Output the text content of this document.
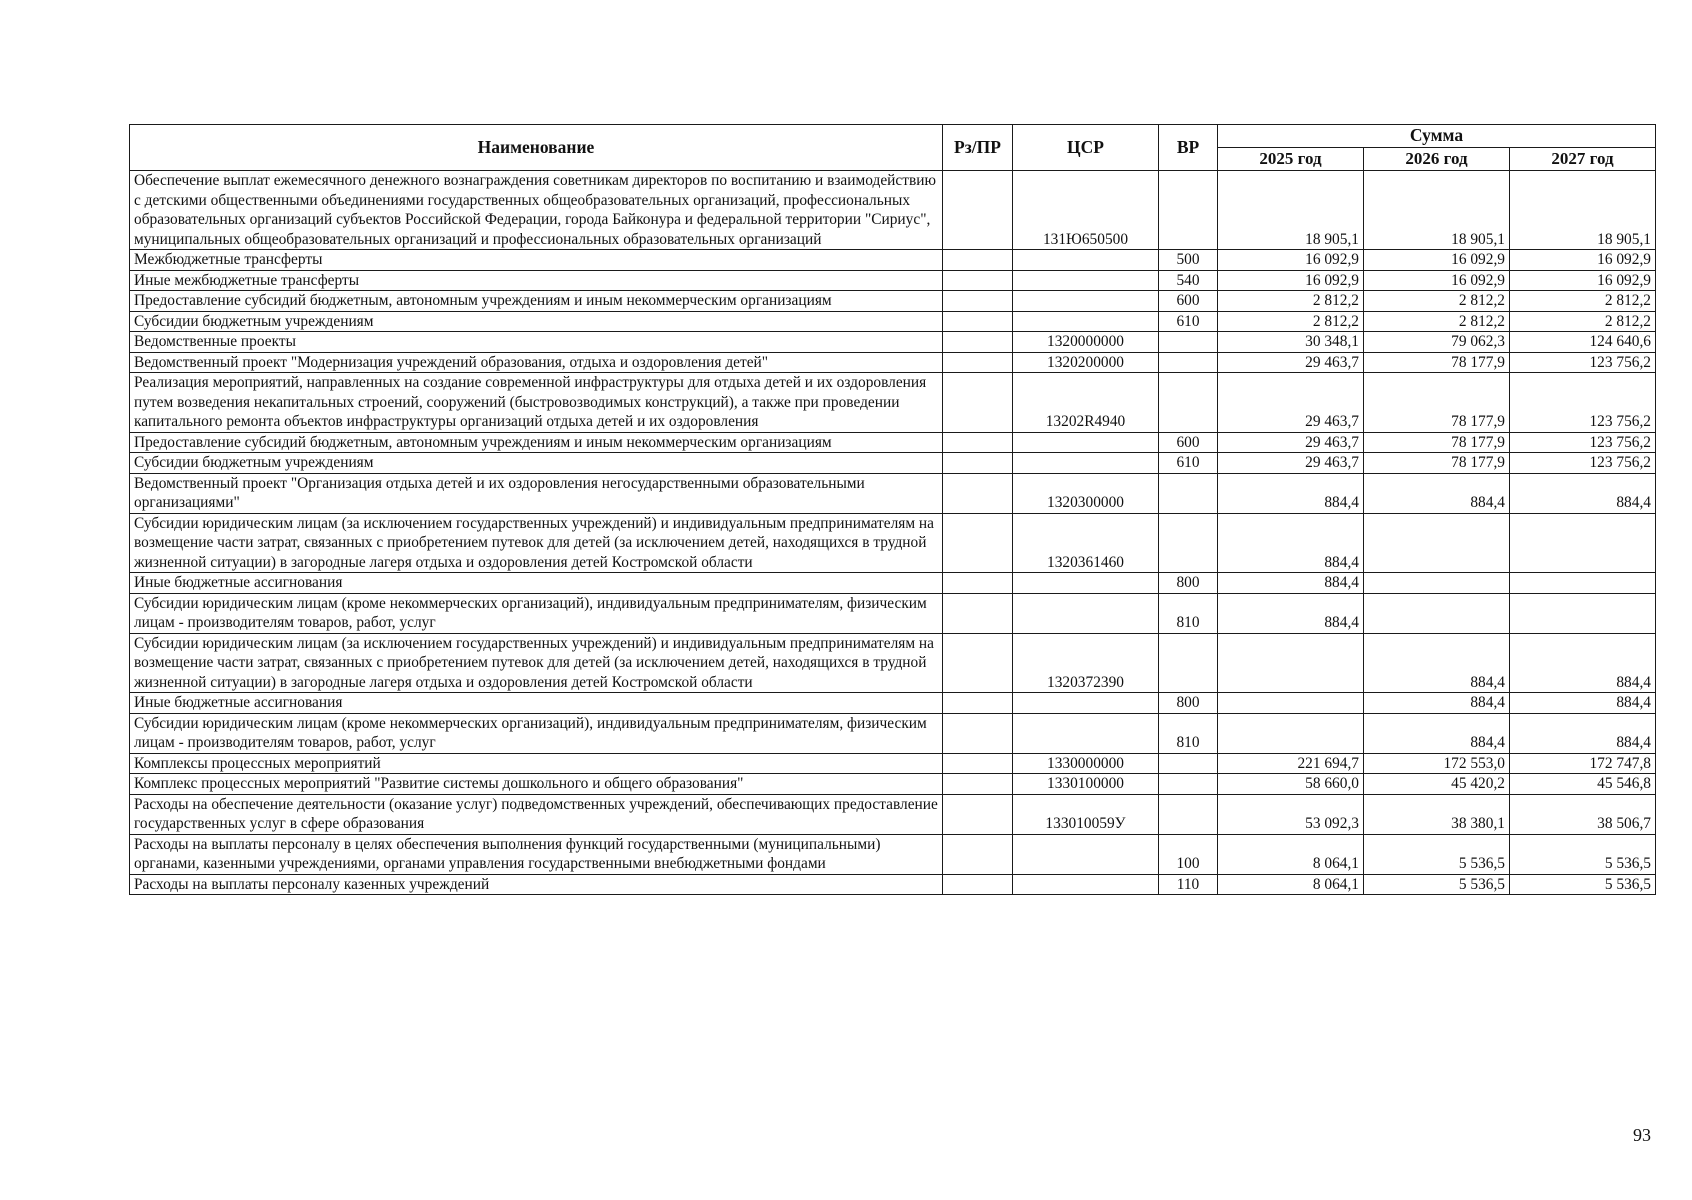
Наименование	Рз/ПР	ЦСР	ВР	Сумма		
				2025 год	2026 год	2027 год
Обеспечение выплат ежемесячного денежного вознаграждения советникам директоров по воспитанию и взаимодействию с детскими общественными объединениями государственных общеобразовательных организаций, профессиональных образовательных организаций субъектов Российской Федерации, города Байконура и федеральной территории "Сириус", муниципальных общеобразовательных организаций и профессиональных образовательных организаций		131Ю650500		18 905,1	18 905,1	18 905,1
Межбюджетные трансферты			500	16 092,9	16 092,9	16 092,9
Иные межбюджетные трансферты			540	16 092,9	16 092,9	16 092,9
Предоставление субсидий бюджетным, автономным учреждениям и иным некоммерческим организациям			600	2 812,2	2 812,2	2 812,2
Субсидии бюджетным учреждениям			610	2 812,2	2 812,2	2 812,2
Ведомственные проекты		1320000000		30 348,1	79 062,3	124 640,6
Ведомственный проект "Модернизация учреждений образования, отдыха и оздоровления детей"		1320200000		29 463,7	78 177,9	123 756,2
Реализация мероприятий, направленных на создание современной инфраструктуры для отдыха детей и их оздоровления путем возведения некапитальных строений, сооружений (быстровозводимых конструкций), а также при проведении капитального ремонта объектов инфраструктуры организаций отдыха детей и их оздоровления		13202R4940		29 463,7	78 177,9	123 756,2
Предоставление субсидий бюджетным, автономным учреждениям и иным некоммерческим организациям			600	29 463,7	78 177,9	123 756,2
Субсидии бюджетным учреждениям			610	29 463,7	78 177,9	123 756,2
Ведомственный проект "Организация отдыха детей и их оздоровления негосударственными образовательными организациями"		1320300000		884,4	884,4	884,4
Субсидии юридическим лицам (за исключением государственных учреждений) и индивидуальным предпринимателям на возмещение части затрат, связанных с приобретением путевок для детей (за исключением детей, находящихся в трудной жизненной ситуации) в загородные лагеря отдыха и оздоровления детей Костромской области		1320361460		884,4		
Иные бюджетные ассигнования			800	884,4		
Субсидии юридическим лицам (кроме некоммерческих организаций), индивидуальным предпринимателям, физическим лицам - производителям товаров, работ, услуг			810	884,4		
Субсидии юридическим лицам (за исключением государственных учреждений) и индивидуальным предпринимателям на возмещение части затрат, связанных с приобретением путевок для детей (за исключением детей, находящихся в трудной жизненной ситуации) в загородные лагеря отдыха и оздоровления детей Костромской области		1320372390			884,4	884,4
Иные бюджетные ассигнования			800		884,4	884,4
Субсидии юридическим лицам (кроме некоммерческих организаций), индивидуальным предпринимателям, физическим лицам - производителям товаров, работ, услуг			810		884,4	884,4
Комплексы процессных мероприятий		1330000000		221 694,7	172 553,0	172 747,8
Комплекс процессных мероприятий "Развитие системы дошкольного и общего образования"		1330100000		58 660,0	45 420,2	45 546,8
Расходы на обеспечение деятельности (оказание услуг) подведомственных учреждений, обеспечивающих предоставление государственных услуг в сфере образования		133010059У		53 092,3	38 380,1	38 506,7
Расходы на выплаты персоналу в целях обеспечения выполнения функций государственными (муниципальными) органами, казенными учреждениями, органами управления государственными внебюджетными фондами			100	8 064,1	5 536,5	5 536,5
Расходы на выплаты персоналу казенных учреждений			110	8 064,1	5 536,5	5 536,5
93
